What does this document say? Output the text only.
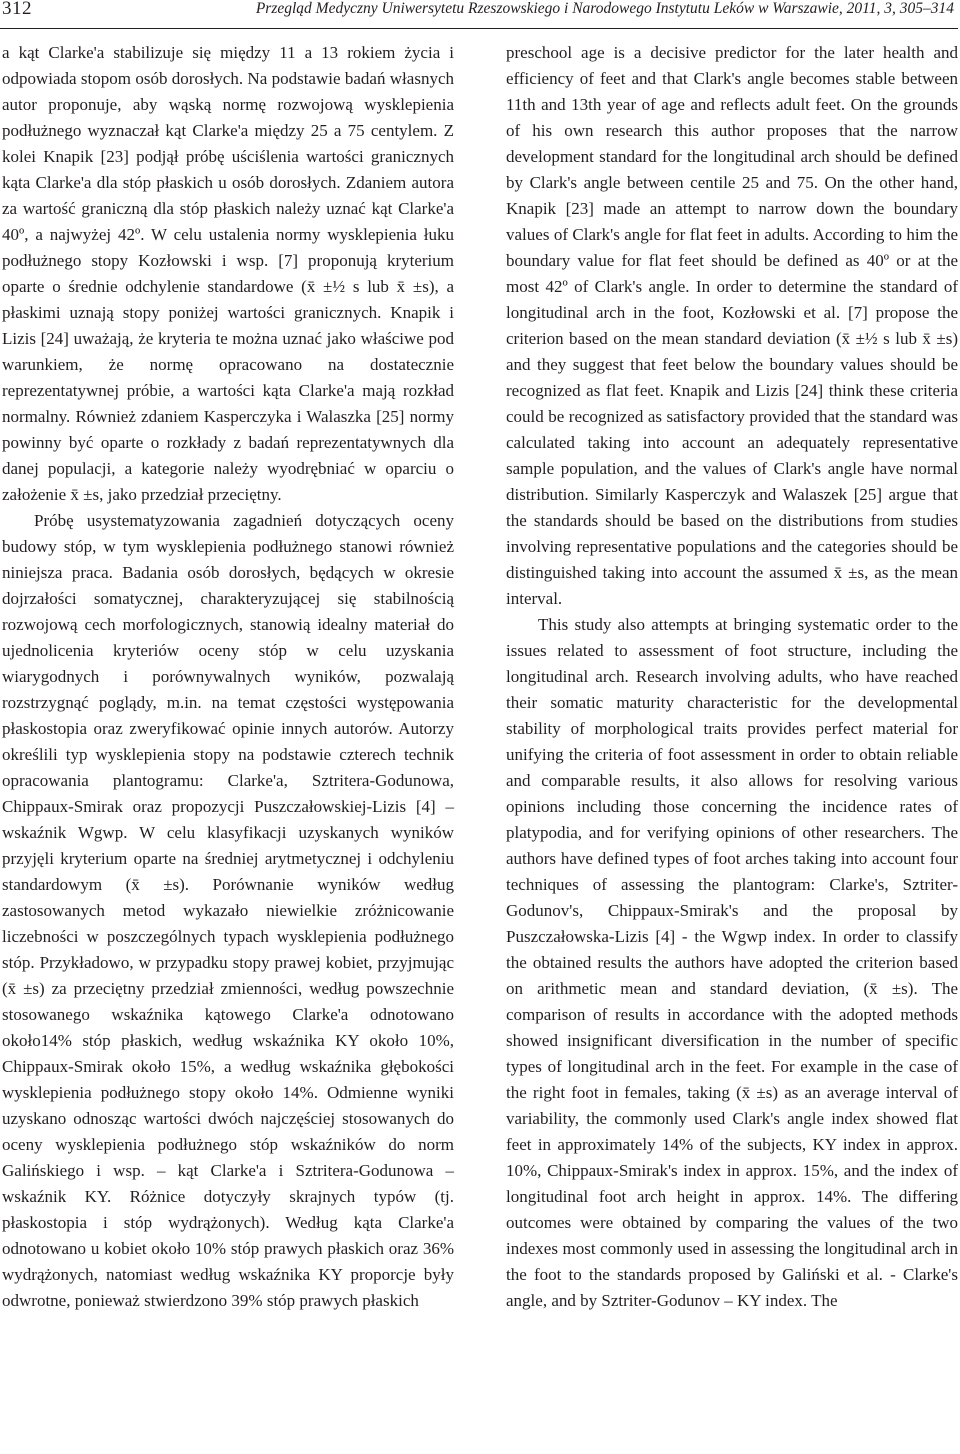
312	Przegląd Medyczny Uniwersytetu Rzeszowskiego i Narodowego Instytutu Leków w Warszawie, 2011, 3, 305–314

a kąt Clarke'a stabilizuje się między 11 a 13 rokiem życia i odpowiada stopom osób dorosłych. Na podstawie badań własnych autor proponuje, aby wąską normę rozwojową wysklepienia podłużnego wyznaczał kąt Clarke'a między 25 a 75 centylem. Z kolei Knapik [23] podjął próbę uściślenia wartości granicznych kąta Clarke'a dla stóp płaskich u osób dorosłych. Zdaniem autora za wartość graniczną dla stóp płaskich należy uznać kąt Clarke'a 40º, a najwyżej 42º. W celu ustalenia normy wysklepienia łuku podłużnego stopy Kozłowski i wsp. [7] proponują kryterium oparte o średnie odchylenie standardowe (x̄ ±½ s lub x̄ ±s), a płaskimi uznają stopy poniżej wartości granicznych. Knapik i Lizis [24] uważają, że kryteria te można uznać jako właściwe pod warunkiem, że normę opracowano na dostatecznie reprezentatywnej próbie, a wartości kąta Clarke'a mają rozkład normalny. Również zdaniem Kasperczyka i Walaszka [25] normy powinny być oparte o rozkłady z badań reprezentatywnych dla danej populacji, a kategorie należy wyodrębniać w oparciu o założenie x̄ ±s, jako przedział przeciętny.

Próbę usystematyzowania zagadnień dotyczących oceny budowy stóp, w tym wysklepienia podłużnego stanowi również niniejsza praca. Badania osób dorosłych, będących w okresie dojrzałości somatycznej, charakteryzującej się stabilnością rozwojową cech morfologicznych, stanowią idealny materiał do ujednolicenia kryteriów oceny stóp w celu uzyskania wiarygodnych i porównywalnych wyników, pozwalają rozstrzygnąć poglądy, m.in. na temat częstości występowania płaskostopia oraz zweryfikować opinie innych autorów. Autorzy określili typ wysklepienia stopy na podstawie czterech technik opracowania plantogramu: Clarke'a, Sztritera-Godunowa, Chippaux-Smirak oraz propozycji Puszczałowskiej-Lizis [4] – wskaźnik Wgwp. W celu klasyfikacji uzyskanych wyników przyjęli kryterium oparte na średniej arytmetycznej i odchyleniu standardowym (x̄ ±s). Porównanie wyników według zastosowanych metod wykazało niewielkie zróżnicowanie liczebności w poszczególnych typach wysklepienia podłużnego stóp. Przykładowo, w przypadku stopy prawej kobiet, przyjmując (x̄ ±s) za przeciętny przedział zmienności, według powszechnie stosowanego wskaźnika kątowego Clarke'a odnotowano około14% stóp płaskich, według wskaźnika KY około 10%, Chippaux-Smirak około 15%, a według wskaźnika głębokości wysklepienia podłużnego stopy około 14%. Odmienne wyniki uzyskano odnosząc wartości dwóch najczęściej stosowanych do oceny wysklepienia podłużnego stóp wskaźników do norm Galińskiego i wsp. – kąt Clarke'a i Sztritera-Godunowa – wskaźnik KY. Różnice dotyczyły skrajnych typów (tj. płaskostopia i stóp wydrążonych). Według kąta Clarke'a odnotowano u kobiet około 10% stóp prawych płaskich oraz 36% wydrążonych, natomiast według wskaźnika KY proporcje były odwrotne, ponieważ stwierdzono 39% stóp prawych płaskich

preschool age is a decisive predictor for the later health and efficiency of feet and that Clark's angle becomes stable between 11th and 13th year of age and reflects adult feet. On the grounds of his own research this author proposes that the narrow development standard for the longitudinal arch should be defined by Clark's angle between centile 25 and 75. On the other hand, Knapik [23] made an attempt to narrow down the boundary values of Clark's angle for flat feet in adults. According to him the boundary value for flat feet should be defined as 40º or at the most 42º of Clark's angle. In order to determine the standard of longitudinal arch in the foot, Kozłowski et al. [7] propose the criterion based on the mean standard deviation (x̄ ±½ s lub x̄ ±s) and they suggest that feet below the boundary values should be recognized as flat feet. Knapik and Lizis [24] think these criteria could be recognized as satisfactory provided that the standard was calculated taking into account an adequately representative sample population, and the values of Clark's angle have normal distribution. Similarly Kasperczyk and Walaszek [25] argue that the standards should be based on the distributions from studies involving representative populations and the categories should be distinguished taking into account the assumed x̄ ±s, as the mean interval.

This study also attempts at bringing systematic order to the issues related to assessment of foot structure, including the longitudinal arch. Research involving adults, who have reached their somatic maturity characteristic for the developmental stability of morphological traits provides perfect material for unifying the criteria of foot assessment in order to obtain reliable and comparable results, it also allows for resolving various opinions including those concerning the incidence rates of platypodia, and for verifying opinions of other researchers. The authors have defined types of foot arches taking into account four techniques of assessing the plantogram: Clarke's, Sztriter-Godunov's, Chippaux-Smirak's and the proposal by Puszczałowska-Lizis [4] - the Wgwp index. In order to classify the obtained results the authors have adopted the criterion based on arithmetic mean and standard deviation, (x̄ ±s). The comparison of results in accordance with the adopted methods showed insignificant diversification in the number of specific types of longitudinal arch in the feet. For example in the case of the right foot in females, taking (x̄ ±s) as an average interval of variability, the commonly used Clark's angle index showed flat feet in approximately 14% of the subjects, KY index in approx. 10%, Chippaux-Smirak's index in approx. 15%, and the index of longitudinal foot arch height in approx. 14%. The differing outcomes were obtained by comparing the values of the two indexes most commonly used in assessing the longitudinal arch in the foot to the standards proposed by Galiński et al. - Clarke's angle, and by Sztriter-Godunov – KY index. The
